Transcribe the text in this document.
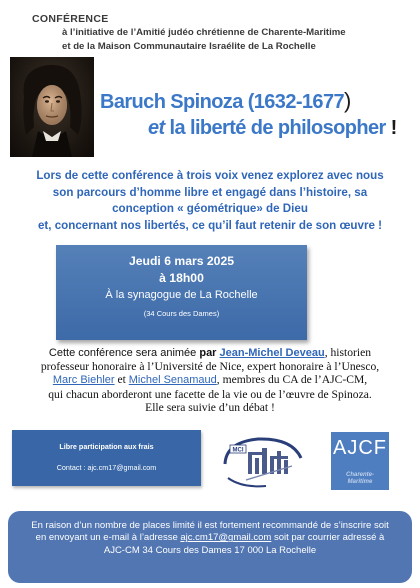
CONFÉRENCE
à l’initiative de l’Amitié judéo chrétienne de Charente-Maritime
et de la Maison Communautaire Israélite de La Rochelle
Baruch Spinoza (1632-1677)
et la liberté de philosopher !
Lors de cette conférence à trois voix venez explorez avec nous
son parcours d’homme libre et engagé dans l’histoire, sa
conception « géométrique» de Dieu
et, concernant nos libertés, ce qu’il faut retenir de son œuvre !
Jeudi 6 mars 2025
à 18h00
À la synagogue de La Rochelle
(34 Cours des Dames)
Cette conférence sera animée par Jean-Michel Deveau, historien
professeur honoraire à l’Université de Nice, expert honoraire à l’Unesco,
Marc Biehler et Michel Senamaud, membres du CA de l’AJC-CM,
qui chacun aborderont une facette de la vie ou de l’œuvre de Spinoza.
Elle sera suivie d’un débat !
Libre participation aux frais
Contact : ajc.cm17@gmail.com
MCI	AJCF
Charente-
Maritime
En raison d’un nombre de places limité il est fortement recommandé de s’inscrire soit
en envoyant un e-mail à l’adresse ajc.cm17@gmail.com soit par courrier adressé à
AJC-CM 34 Cours des Dames 17 000 La Rochelle
